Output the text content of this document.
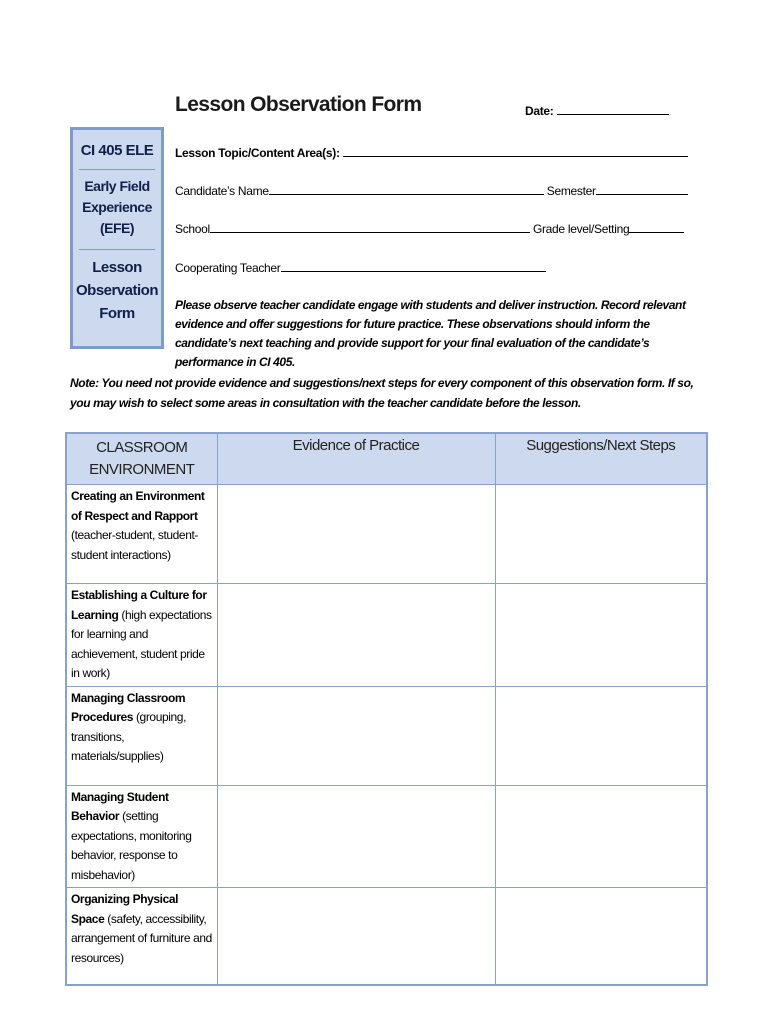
Lesson Observation Form	Date:
CI 405 ELE
Early Field
Experience
(EFE)
Lesson
Observation
Form
Lesson Topic/Content Area(s):
Candidate’s Name	Semester
School	Grade level/Setting
Cooperating Teacher
Please observe teacher candidate engage with students and deliver instruction. Record relevant evidence and offer suggestions for future practice. These observations should inform the candidate’s next teaching and provide support for your final evaluation of the candidate’s performance in CI 405.
Note: You need not provide evidence and suggestions/next steps for every component of this observation form. If so, you may wish to select some areas in consultation with the teacher candidate before the lesson.
CLASSROOM ENVIRONMENT	Evidence of Practice	Suggestions/Next Steps
Creating an Environment of Respect and Rapport (teacher-student, student-student interactions)		
Establishing a Culture for Learning (high expectations for learning and achievement, student pride in work)		
Managing Classroom Procedures (grouping, transitions, materials/supplies)		
Managing Student Behavior (setting expectations, monitoring behavior, response to misbehavior)		
Organizing Physical Space (safety, accessibility, arrangement of furniture and resources)		
